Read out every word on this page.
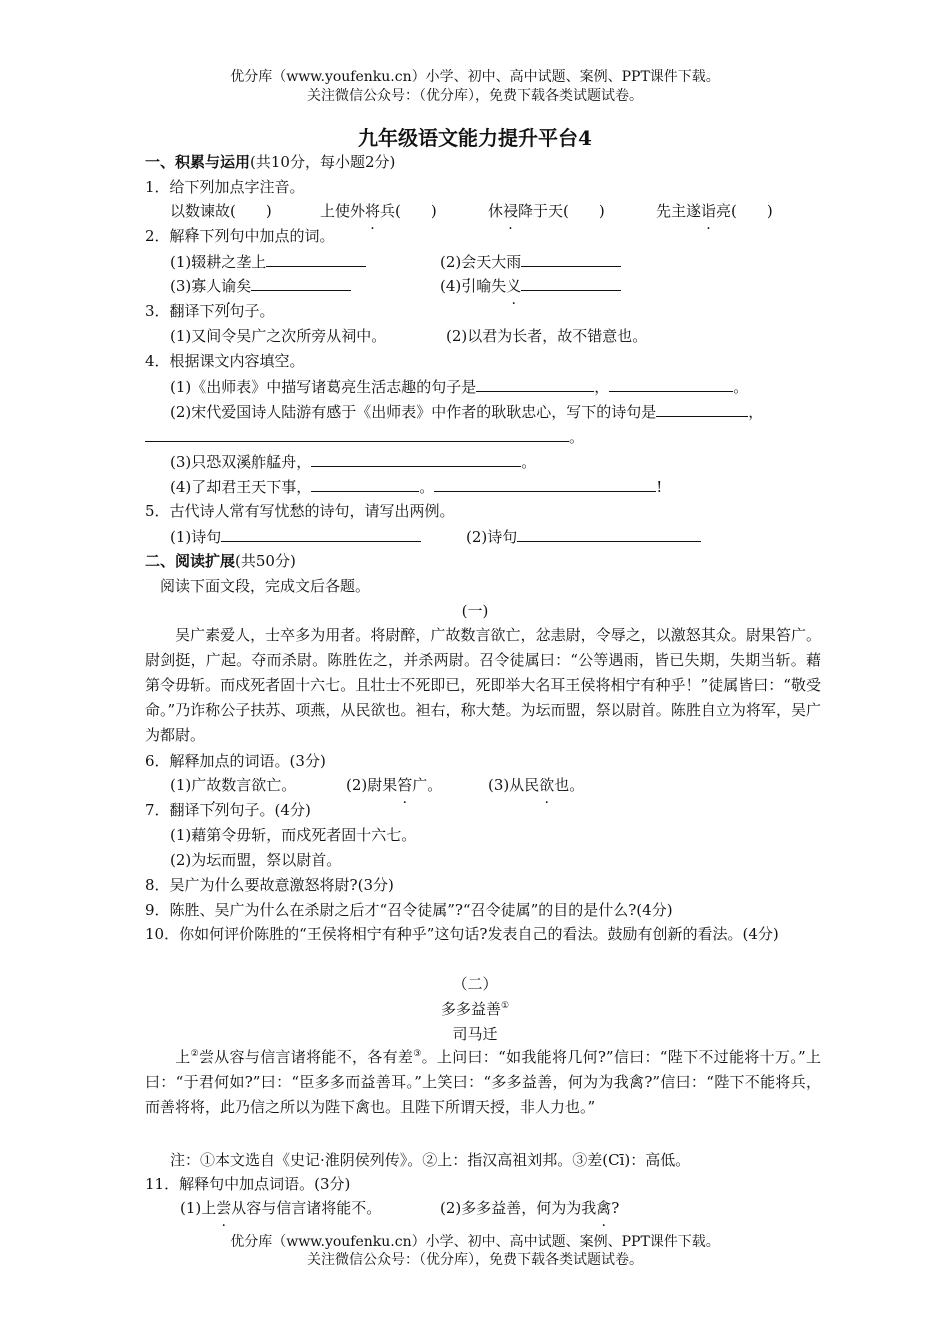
优分库（www.youfenku.cn）小学、初中、高中试题、案例、PPT课件下载。
关注微信公众号：（优分库），免费下载各类试题试卷。
九年级语文能力提升平台4
一、积累与运用(共10分，每小题2分)
1．给下列加点字注音。
以数谏故(　　)	上使外将兵(　　)	休祲降于天(　　)	先主遂诣亮(　　)
2．解释下列句中加点的词。
(1)辍耕之垄上	(2)会天大雨
(3)寡人谕矣	(4)引喻失义
3．翻译下列句子。
(1)又间令吴广之次所旁从祠中。	(2)以君为长者，故不错意也。
4．根据课文内容填空。
(1)《出师表》中描写诸葛亮生活志趣的句子是	，	。
(2)宋代爱国诗人陆游有感于《出师表》中作者的耿耿忠心，写下的诗句是	，
。
(3)只恐双溪舴艋舟，	。
(4)了却君王天下事，	。	!
5．古代诗人常有写忧愁的诗句，请写出两例。
(1)诗句	(2)诗句
二、阅读扩展(共50分)
阅读下面文段，完成文后各题。
(一)
吴广素爱人，士卒多为用者。将尉醉，广故数言欲亡，忿恚尉，令辱之，以激怒其众。尉果笞广。尉剑挺，广起。夺而杀尉。陈胜佐之，并杀两尉。召令徒属曰：“公等遇雨，皆已失期，失期当斩。藉第令毋斩。而戍死者固十六七。且壮士不死即已，死即举大名耳王侯将相宁有种乎！”徒属皆曰：“敬受命。”乃诈称公子扶苏、项燕，从民欲也。袒右，称大楚。为坛而盟，祭以尉首。陈胜自立为将军，吴广为都尉。
6．解释加点的词语。(3分)
(1)广故数言欲亡。	(2)尉果笞广。	(3)从民欲也。
7．翻译下列句子。(4分)
(1)藉第令毋斩，而戍死者固十六七。
(2)为坛而盟，祭以尉首。
8．吴广为什么要故意激怒将尉?(3分)
9．陈胜、吴广为什么在杀尉之后才“召令徒属”?“召令徒属”的目的是什么?(4分)
10．你如何评价陈胜的“王侯将相宁有种乎”这句话?发表自己的看法。鼓励有创新的看法。(4分)
（二）
多多益善①
司马迁
上②尝从容与信言诸将能不，各有差③。上问曰：“如我能将几何?”信曰：“陛下不过能将十万。”上曰：“于君何如?”曰：“臣多多而益善耳。”上笑曰：“多多益善，何为为我禽?”信曰：“陛下不能将兵，而善将将，此乃信之所以为陛下禽也。且陛下所谓天授，非人力也。”
注：①本文选自《史记·淮阴侯列传》。②上：指汉高祖刘邦。③差(Cī)：高低。
11．解释句中加点词语。(3分)
(1)上尝从容与信言诸将能不。	(2)多多益善，何为为我禽?
优分库（www.youfenku.cn）小学、初中、高中试题、案例、PPT课件下载。
关注微信公众号：（优分库），免费下载各类试题试卷。
